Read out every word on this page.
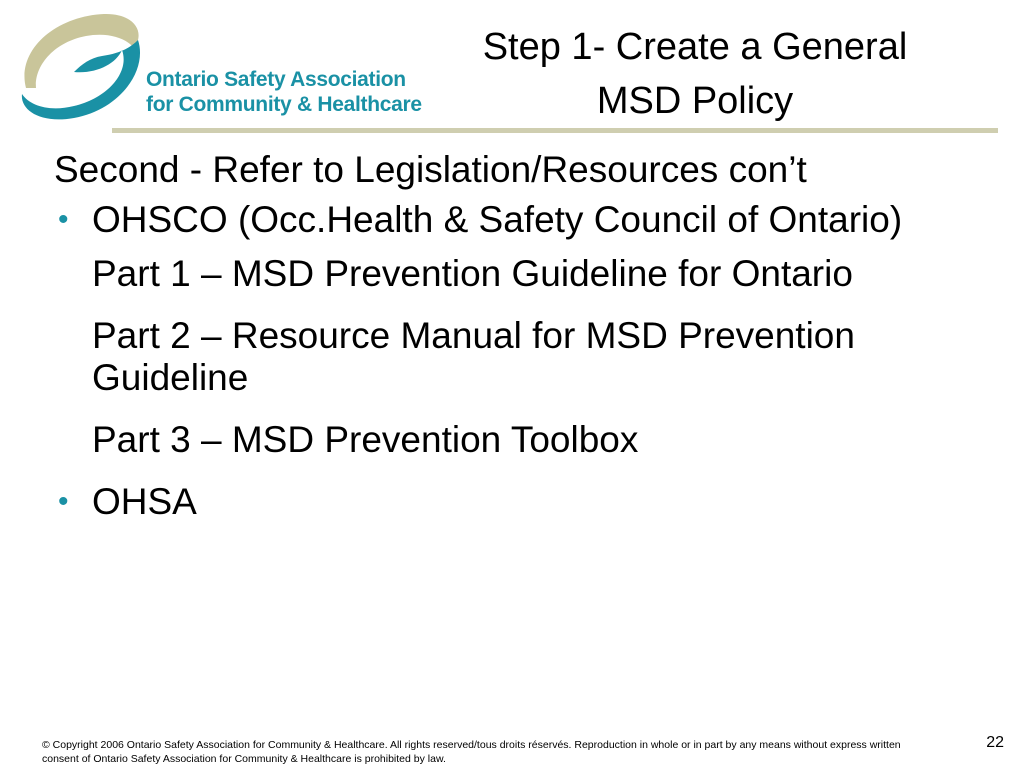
Ontario Safety Association
for Community & Healthcare
Step 1- Create a General
MSD Policy

Second - Refer to Legislation/Resources con’t

• OHSCO (Occ.Health & Safety Council of Ontario)

Part 1 – MSD Prevention Guideline for Ontario

Part 2 – Resource Manual for MSD Prevention Guideline

Part 3 – MSD Prevention Toolbox

• OHSA
© Copyright 2006 Ontario Safety Association for Community & Healthcare. All rights reserved/tous droits réservés. Reproduction in whole or in part by any means without express written consent of Ontario Safety Association for Community & Healthcare is prohibited by law.
22
